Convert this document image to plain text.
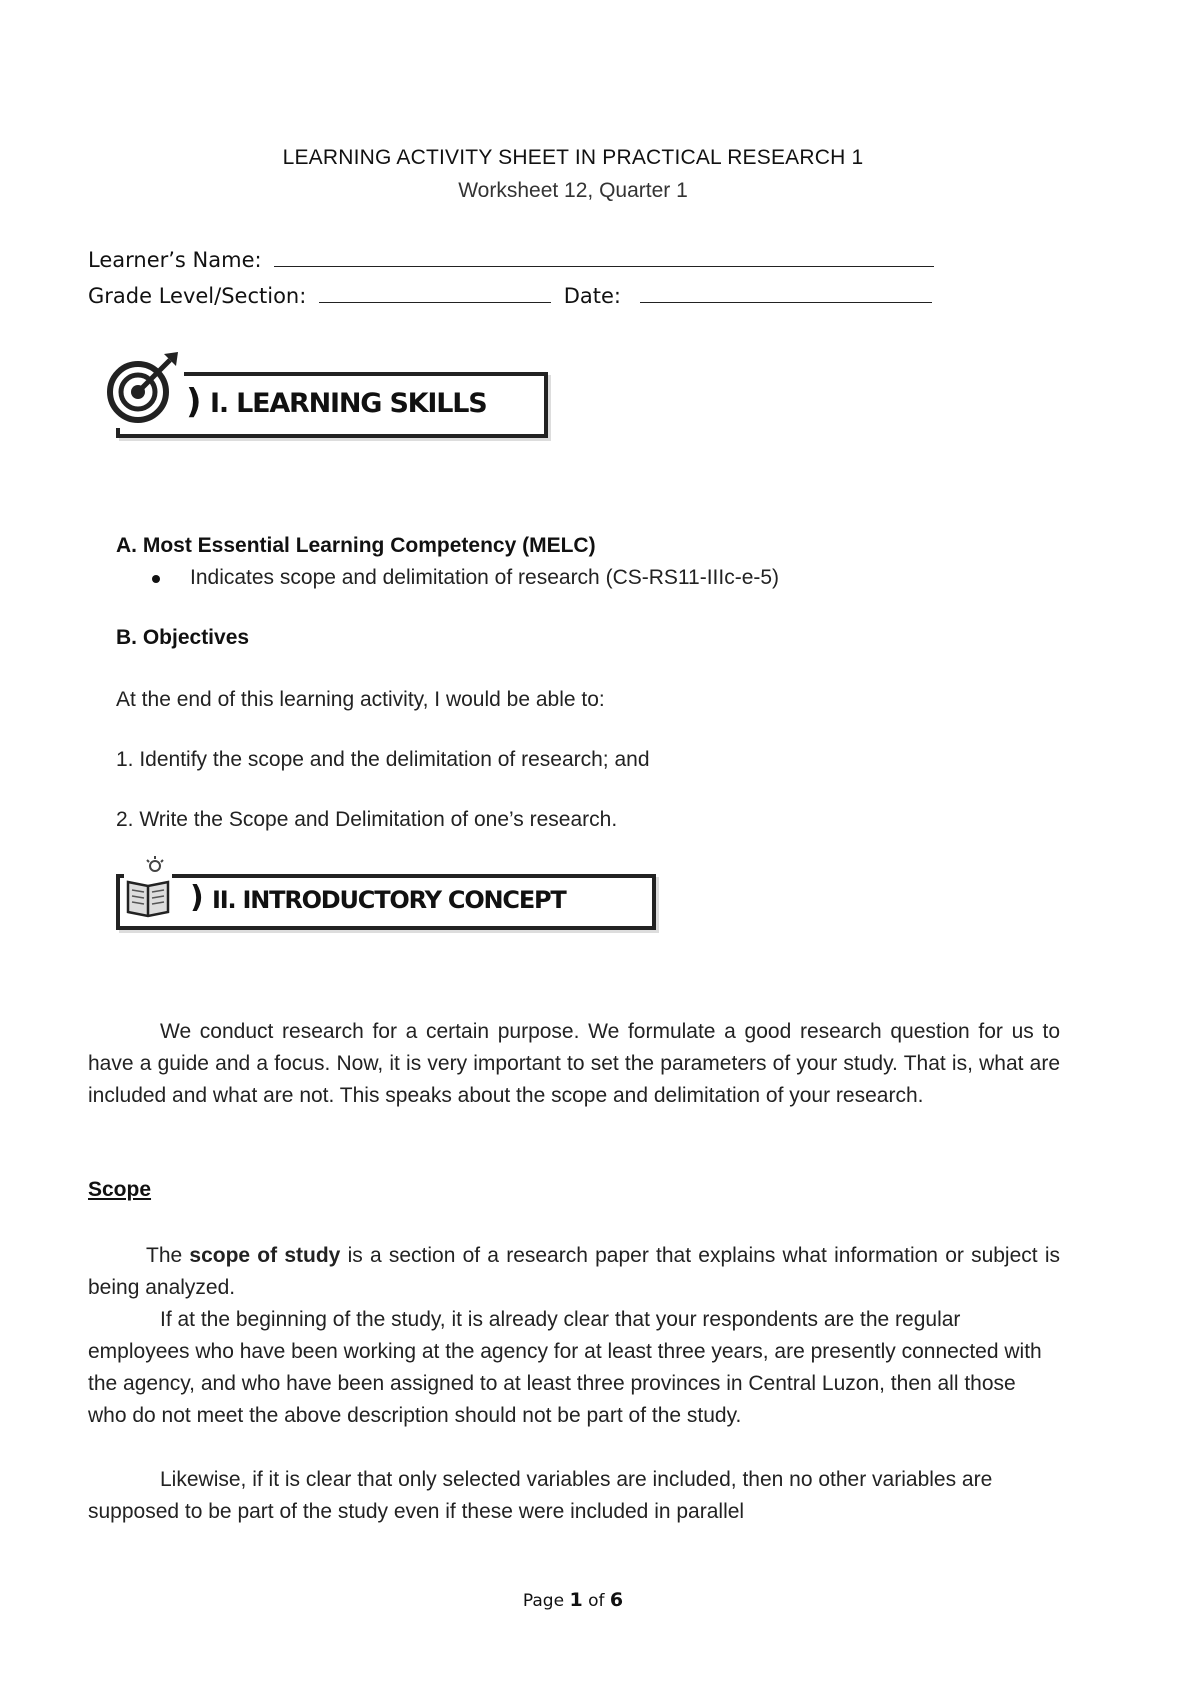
LEARNING ACTIVITY SHEET IN PRACTICAL RESEARCH 1
Worksheet 12, Quarter 1
Learner’s Name:
Grade Level/Section:	Date:
) I. LEARNING SKILLS
A. Most Essential Learning Competency (MELC)
Indicates scope and delimitation of research (CS-RS11-IIIc-e-5)
B. Objectives
At the end of this learning activity, I would be able to:
1. Identify the scope and the delimitation of research; and
2. Write the Scope and Delimitation of one’s research.
) II. INTRODUCTORY CONCEPT
We conduct research for a certain purpose. We formulate a good research question for us to have a guide and a focus. Now, it is very important to set the parameters of your study. That is, what are included and what are not. This speaks about the scope and delimitation of your research.
Scope
The scope of study is a section of a research paper that explains what information or subject is being analyzed.
If at the beginning of the study, it is already clear that your respondents are the regular employees who have been working at the agency for at least three years, are presently connected with the agency, and who have been assigned to at least three provinces in Central Luzon, then all those who do not meet the above description should not be part of the study.
Likewise, if it is clear that only selected variables are included, then no other variables are supposed to be part of the study even if these were included in parallel
Page 1 of 6
